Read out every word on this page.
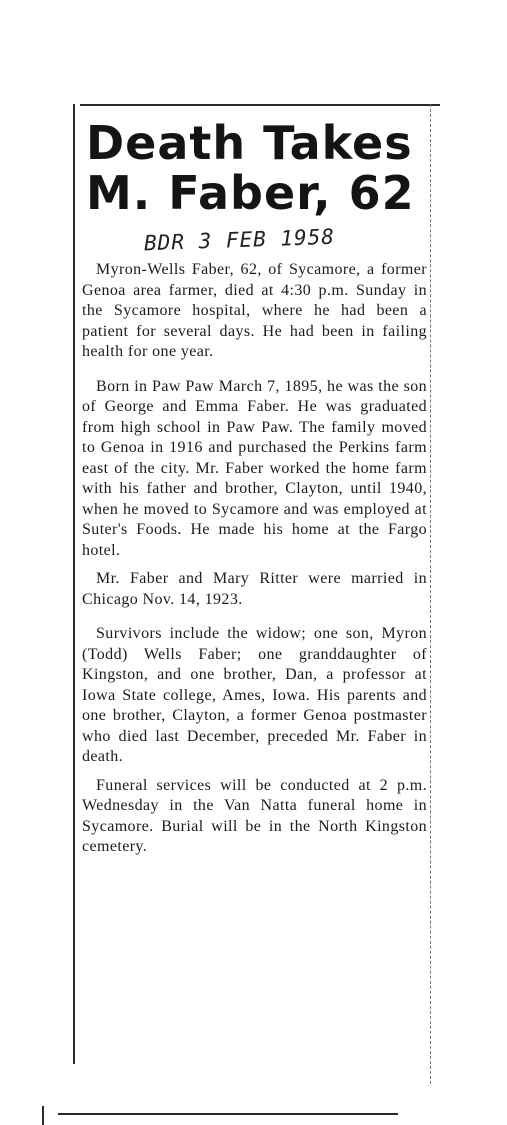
Death Takes
M. Faber, 62
BDR 3 FEB 1958

Myron-Wells Faber, 62, of Sycamore, a former Genoa area farmer, died at 4:30 p.m. Sunday in the Sycamore hospital, where he had been a patient for several days. He had been in failing health for one year.

Born in Paw Paw March 7, 1895, he was the son of George and Emma Faber. He was graduated from high school in Paw Paw. The family moved to Genoa in 1916 and purchased the Perkins farm east of the city. Mr. Faber worked the home farm with his father and brother, Clayton, until 1940, when he moved to Sycamore and was employed at Suter's Foods. He made his home at the Fargo hotel.

Mr. Faber and Mary Ritter were married in Chicago Nov. 14, 1923.

Survivors include the widow; one son, Myron (Todd) Wells Faber; one granddaughter of Kingston, and one brother, Dan, a professor at Iowa State college, Ames, Iowa. His parents and one brother, Clayton, a former Genoa postmaster who died last December, preceded Mr. Faber in death.

Funeral services will be conducted at 2 p.m. Wednesday in the Van Natta funeral home in Sycamore. Burial will be in the North Kingston cemetery.
